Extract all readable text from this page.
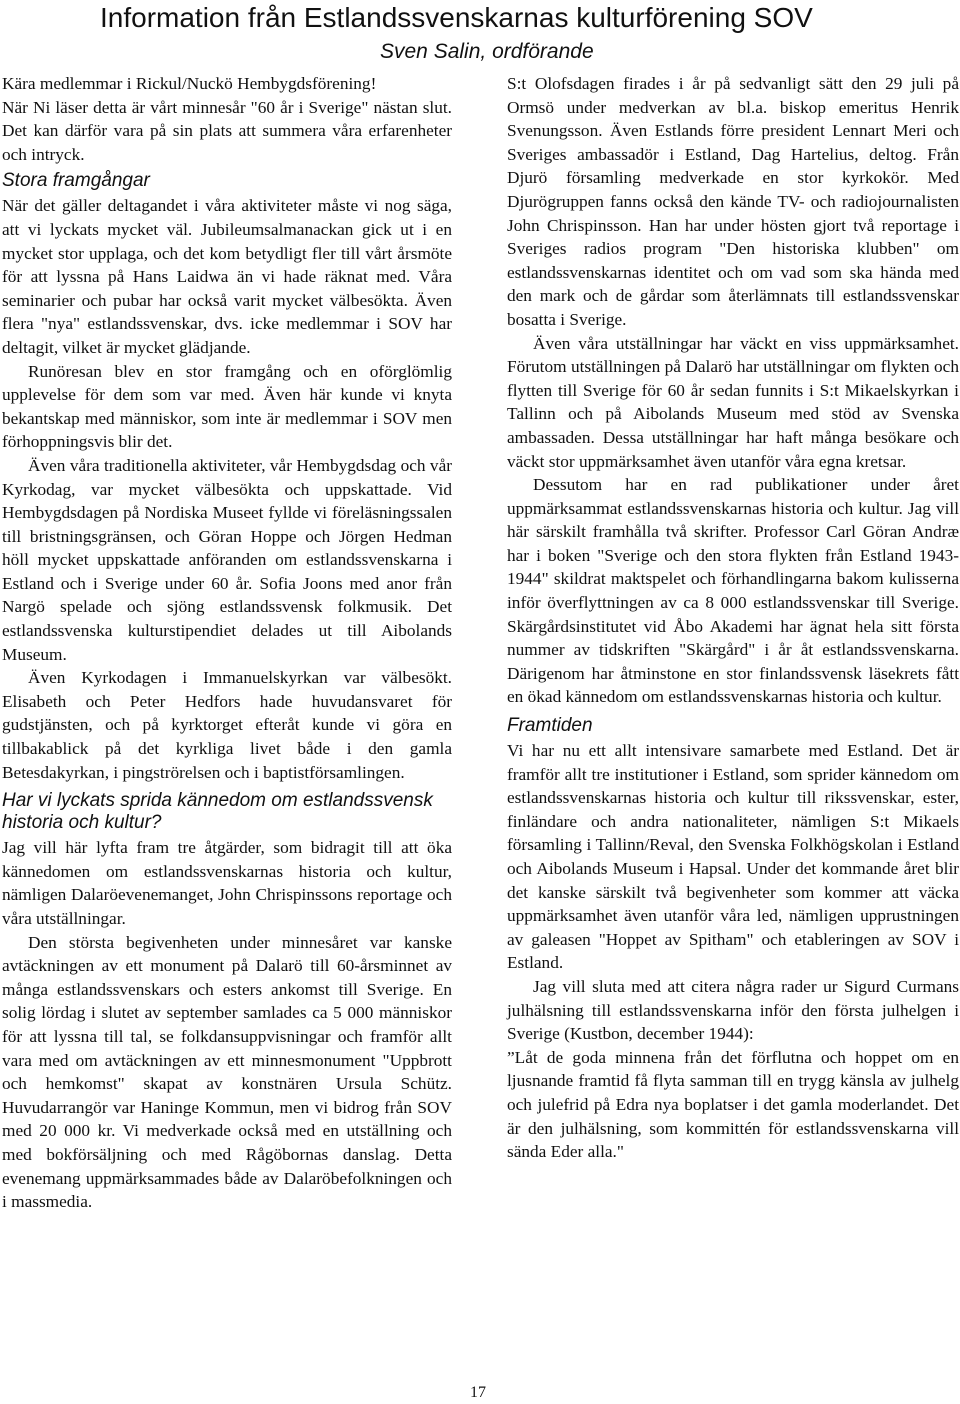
Information från Estlandssvenskarnas kulturförening SOV
Sven Salin, ordförande

Kära medlemmar i Rickul/Nuckö Hembygdsförening!

När Ni läser detta är vårt minnesår "60 år i Sverige" nästan slut. Det kan därför vara på sin plats att summera våra erfarenheter och intryck.

Stora framgångar

När det gäller deltagandet i våra aktiviteter måste vi nog säga, att vi lyckats mycket väl. Jubileumsalmanackan gick ut i en mycket stor upplaga, och det kom betydligt fler till vårt årsmöte för att lyssna på Hans Laidwa än vi hade räknat med. Våra seminarier och pubar har också varit mycket välbesökta. Även flera "nya" estlandssvenskar, dvs. icke medlemmar i SOV har deltagit, vilket är mycket glädjande.

Runöresan blev en stor framgång och en oförglömlig upplevelse för dem som var med. Även här kunde vi knyta bekantskap med människor, som inte är medlemmar i SOV men förhoppningsvis blir det.

Även våra traditionella aktiviteter, vår Hembygdsdag och vår Kyrkodag, var mycket välbesökta och uppskattade. Vid Hembygdsdagen på Nordiska Museet fyllde vi föreläsningssalen till bristningsgränsen, och Göran Hoppe och Jörgen Hedman höll mycket uppskattade anföranden om estlandssvenskarna i Estland och i Sverige under 60 år. Sofia Joons med anor från Nargö spelade och sjöng estlandssvensk folkmusik. Det estlandssvenska kulturstipendiet delades ut till Aibolands Museum.

Även Kyrkodagen i Immanuelskyrkan var välbesökt. Elisabeth och Peter Hedfors hade huvudansvaret för gudstjänsten, och på kyrktorget efteråt kunde vi göra en tillbakablick på det kyrkliga livet både i den gamla Betesdakyrkan, i pingströrelsen och i baptistförsamlingen.

Har vi lyckats sprida kännedom om estlandssvensk historia och kultur?

Jag vill här lyfta fram tre åtgärder, som bidragit till att öka kännedomen om estlandssvenskarnas historia och kultur, nämligen Dalaröevenemanget, John Chrispinssons reportage och våra utställningar.

Den största begivenheten under minnesåret var kanske avtäckningen av ett monument på Dalarö till 60-årsminnet av många estlandssvenskars och esters ankomst till Sverige. En solig lördag i slutet av september samlades ca 5 000 människor för att lyssna till tal, se folkdansuppvisningar och framför allt vara med om avtäckningen av ett minnesmonument "Uppbrott och hemkomst" skapat av konstnären Ursula Schütz. Huvudarrangör var Haninge Kommun, men vi bidrog från SOV med 20 000 kr. Vi medverkade också med en utställning och med bokförsäljning och med Rågöbornas danslag. Detta evenemang uppmärksammades både av Dalaröbefolkningen och i massmedia.

S:t Olofsdagen firades i år på sedvanligt sätt den 29 juli på Ormsö under medverkan av bl.a. biskop emeritus Henrik Svenungsson. Även Estlands förre president Lennart Meri och Sveriges ambassadör i Estland, Dag Hartelius, deltog. Från Djurö församling medverkade en stor kyrkokör. Med Djurögruppen fanns också den kände TV- och radiojournalisten John Chrispinsson. Han har under hösten gjort två reportage i Sveriges radios program "Den historiska klubben" om estlandssvenskarnas identitet och om vad som ska hända med den mark och de gårdar som återlämnats till estlandssvenskar bosatta i Sverige.

Även våra utställningar har väckt en viss uppmärksamhet. Förutom utställningen på Dalarö har utställningar om flykten och flytten till Sverige för 60 år sedan funnits i S:t Mikaelskyrkan i Tallinn och på Aibolands Museum med stöd av Svenska ambassaden. Dessa utställningar har haft många besökare och väckt stor uppmärksamhet även utanför våra egna kretsar.

Dessutom har en rad publikationer under året uppmärksammat estlandssvenskarnas historia och kultur. Jag vill här särskilt framhålla två skrifter. Professor Carl Göran Andræ har i boken "Sverige och den stora flykten från Estland 1943-1944" skildrat maktspelet och förhandlingarna bakom kulisserna inför överflyttningen av ca 8 000 estlandssvenskar till Sverige. Skärgårdsinstitutet vid Åbo Akademi har ägnat hela sitt första nummer av tidskriften "Skärgård" i år åt estlandssvenskarna. Därigenom har åtminstone en stor finlandssvensk läsekrets fått en ökad kännedom om estlandssvenskarnas historia och kultur.

Framtiden

Vi har nu ett allt intensivare samarbete med Estland. Det är framför allt tre institutioner i Estland, som sprider kännedom om estlandssvenskarnas historia och kultur till rikssvenskar, ester, finländare och andra nationaliteter, nämligen S:t Mikaels församling i Tallinn/Reval, den Svenska Folkhögskolan i Estland och Aibolands Museum i Hapsal. Under det kommande året blir det kanske särskilt två begivenheter som kommer att väcka uppmärksamhet även utanför våra led, nämligen upprustningen av galeasen "Hoppet av Spitham" och etableringen av SOV i Estland.

Jag vill sluta med att citera några rader ur Sigurd Curmans julhälsning till estlandssvenskarna inför den första julhelgen i Sverige (Kustbon, december 1944):

”Låt de goda minnena från det förflutna och hoppet om en ljusnande framtid få flyta samman till en trygg känsla av julhelg och julefrid på Edra nya boplatser i det gamla moderlandet. Det är den julhälsning, som kommittén för estlandssvenskarna vill sända Eder alla."

17
